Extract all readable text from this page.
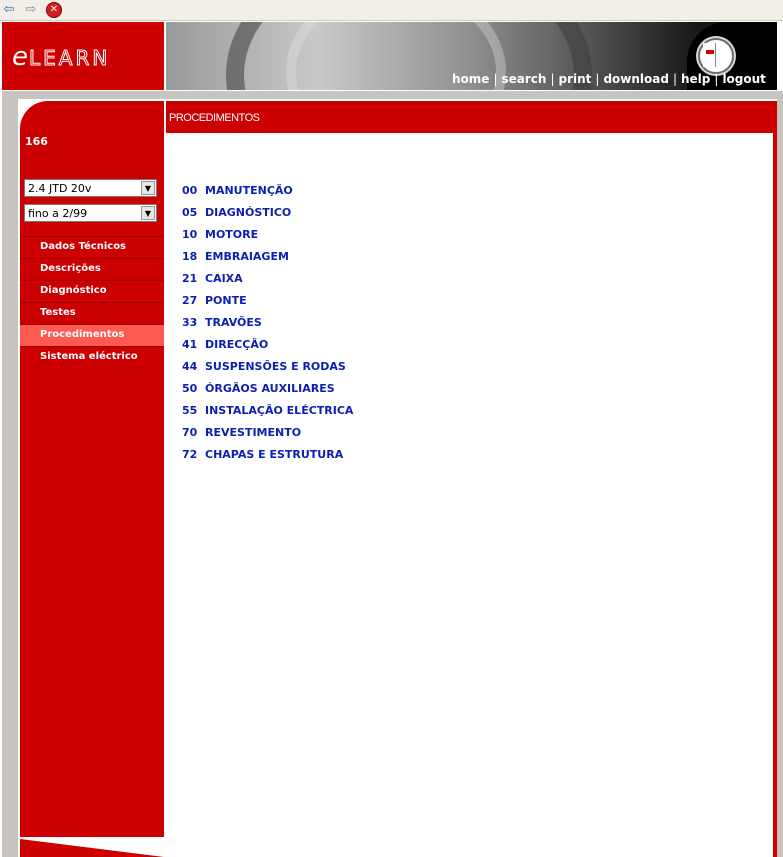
⇦ ⇨	✕
eLEARN
home | search | print | download | help | logout
PROCEDIMENTOS
166
2.4 JTD 20v	▼
fino a 2/99	▼
Dados Técnicos
Descrições
Diagnóstico
Testes
Procedimentos
Sistema eléctrico
00 MANUTENÇÃO
05 DIAGNÓSTICO
10 MOTORE
18 EMBRAIAGEM
21 CAIXA
27 PONTE
33 TRAVÕES
41 DIRECÇÃO
44 SUSPENSÕES E RODAS
50 ÓRGÃOS AUXILIARES
55 INSTALAÇÃO ELÉCTRICA
70 REVESTIMENTO
72 CHAPAS E ESTRUTURA
